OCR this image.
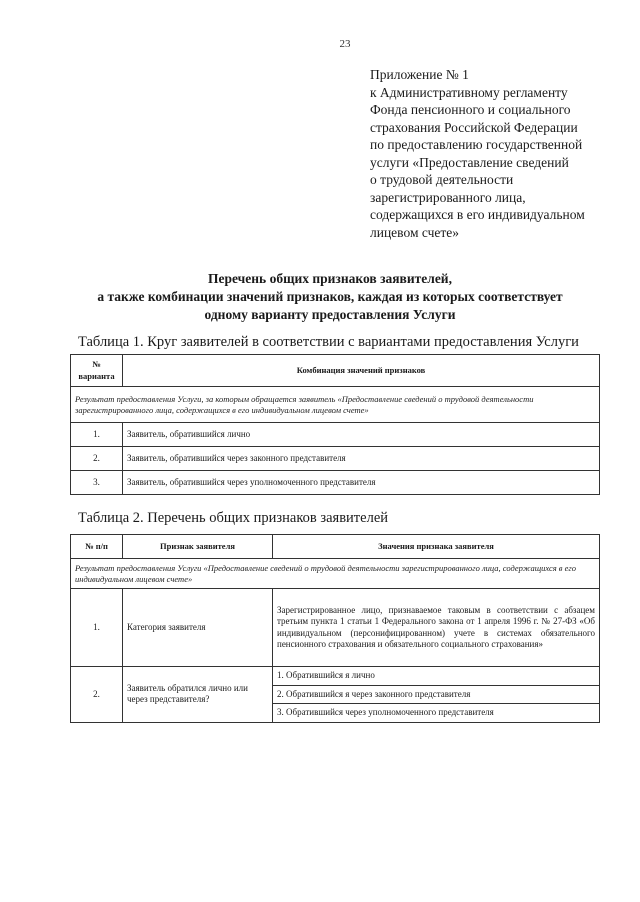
23
Приложение № 1
к Административному регламенту
Фонда пенсионного и социального
страхования Российской Федерации
по предоставлению государственной
услуги «Предоставление сведений
о трудовой деятельности
зарегистрированного лица,
содержащихся в его индивидуальном
лицевом счете»
Перечень общих признаков заявителей,
а также комбинации значений признаков, каждая из которых соответствует
одному варианту предоставления Услуги
Таблица 1. Круг заявителей в соответствии с вариантами предоставления Услуги
№ варианта	Комбинация значений признаков
Результат предоставления Услуги, за которым обращается заявитель «Предоставление сведений о трудовой деятельности зарегистрированного лица, содержащихся в его индивидуальном лицевом счете»	
1.	Заявитель, обратившийся лично
2.	Заявитель, обратившийся через законного представителя
3.	Заявитель, обратившийся через уполномоченного представителя
Таблица 2. Перечень общих признаков заявителей
№ п/п	Признак заявителя	Значения признака заявителя
Результат предоставления Услуги «Предоставление сведений о трудовой деятельности зарегистрированного лица, содержащихся в его индивидуальном лицевом счете»		
1.	Категория заявителя	Зарегистрированное лицо, признаваемое таковым в соответствии с абзацем третьим пункта 1 статьи 1 Федерального закона от 1 апреля 1996 г. № 27-ФЗ «Об индивидуальном (персонифицированном) учете в системах обязательного пенсионного страхования и обязательного социального страхования»
2.	Заявитель обратился лично или через представителя?	1. Обратившийся я лично
2. Обратившийся я через законного представителя
3. Обратившийся через уполномоченного представителя
